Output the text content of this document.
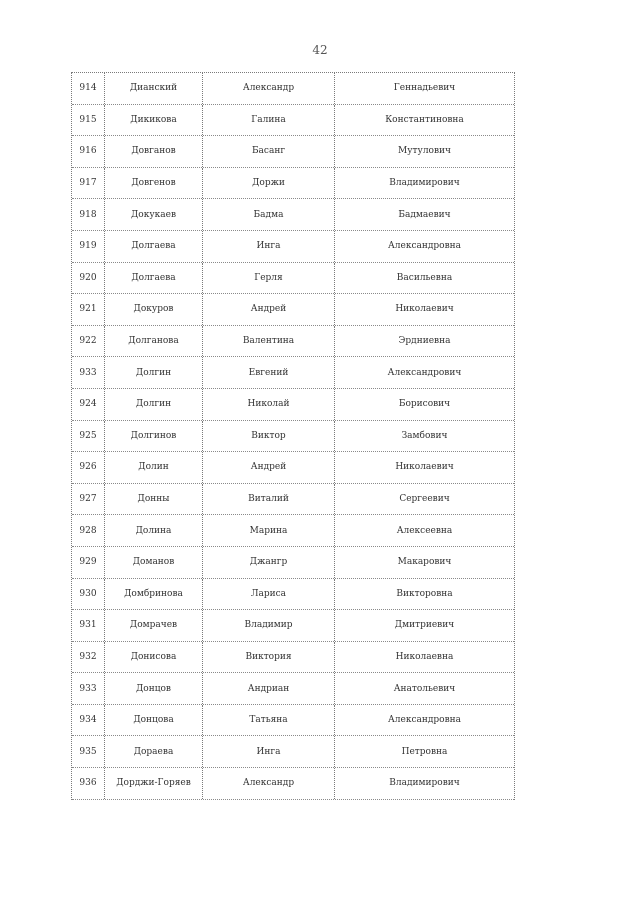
42
914	Дианский	Александр	Геннадьевич
915	Дикикова	Галина	Константиновна
916	Довганов	Басанг	Мутулович
917	Довгенов	Доржи	Владимирович
918	Докукаев	Бадма	Бадмаевич
919	Долгаева	Инга	Александровна
920	Долгаева	Герля	Васильевна
921	Докуров	Андрей	Николаевич
922	Долганова	Валентина	Эрдниевна
933	Долгин	Евгений	Александрович
924	Долгин	Николай	Борисович
925	Долгинов	Виктор	Замбович
926	Долин	Андрей	Николаевич
927	Донны	Виталий	Сергеевич
928	Долина	Марина	Алексеевна
929	Доманов	Джангр	Макарович
930	Домбринова	Лариса	Викторовна
931	Домрачев	Владимир	Дмитриевич
932	Донисова	Виктория	Николаевна
933	Донцов	Андриан	Анатольевич
934	Донцова	Татьяна	Александровна
935	Дораева	Инга	Петровна
936	Дорджи-Горяев	Александр	Владимирович
